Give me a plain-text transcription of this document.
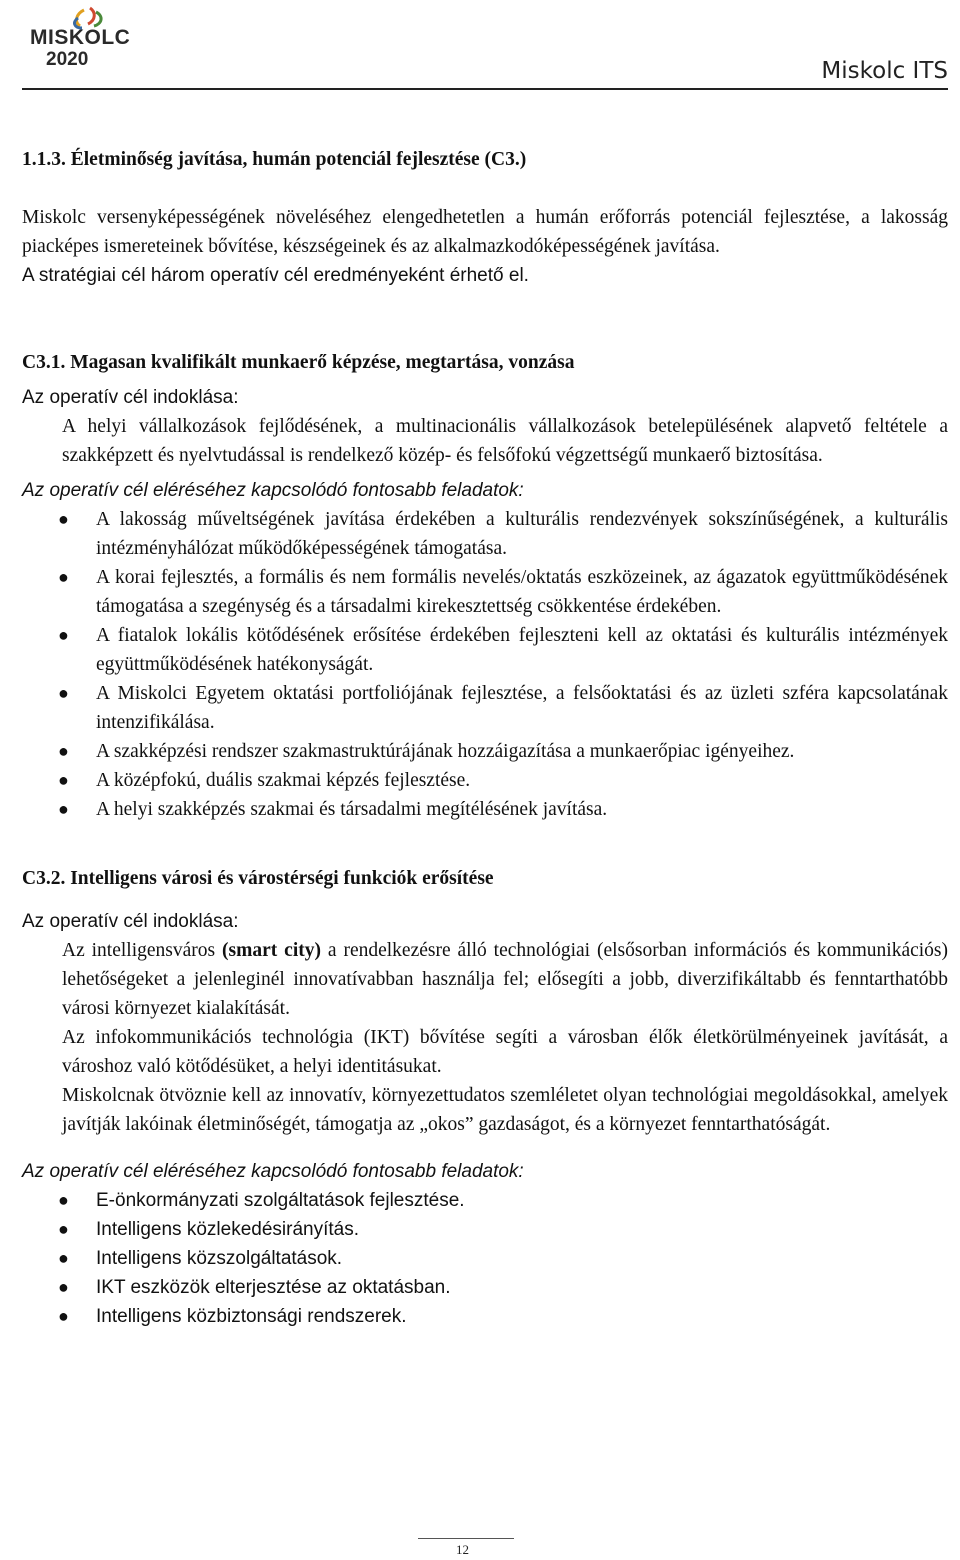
MISKOLC
2020	Miskolc ITS

1.1.3. Életminőség javítása, humán potenciál fejlesztése (C3.)

Miskolc versenyképességének növeléséhez elengedhetetlen a humán erőforrás potenciál fejlesztése, a lakosság piacképes ismereteinek bővítése, készségeinek és az alkalmazkodóképességének javítása.

A stratégiai cél három operatív cél eredményeként érhető el.

C3.1. Magasan kvalifikált munkaerő képzése, megtartása, vonzása

Az operatív cél indoklása:

A helyi vállalkozások fejlődésének, a multinacionális vállalkozások betelepülésének alapvető feltétele a szakképzett és nyelvtudással is rendelkező közép- és felsőfokú végzettségű munkaerő biztosítása.

Az operatív cél eléréséhez kapcsolódó fontosabb feladatok:

● A lakosság műveltségének javítása érdekében a kulturális rendezvények sokszínűségének, a kulturális intézményhálózat működőképességének támogatása.
● A korai fejlesztés, a formális és nem formális nevelés/oktatás eszközeinek, az ágazatok együttműködésének támogatása a szegénység és a társadalmi kirekesztettség csökkentése érdekében.
● A fiatalok lokális kötődésének erősítése érdekében fejleszteni kell az oktatási és kulturális intézmények együttműködésének hatékonyságát.
● A Miskolci Egyetem oktatási portfoliójának fejlesztése, a felsőoktatási és az üzleti szféra kapcsolatának intenzifikálása.
● A szakképzési rendszer szakmastruktúrájának hozzáigazítása a munkaerőpiac igényeihez.
● A középfokú, duális szakmai képzés fejlesztése.
● A helyi szakképzés szakmai és társadalmi megítélésének javítása.

C3.2. Intelligens városi és várostérségi funkciók erősítése

Az operatív cél indoklása:

Az intelligensváros (smart city) a rendelkezésre álló technológiai (elsősorban információs és kommunikációs) lehetőségeket a jelenleginél innovatívabban használja fel; elősegíti a jobb, diverzifikáltabb és fenntarthatóbb városi környezet kialakítását.

Az infokommunikációs technológia (IKT) bővítése segíti a városban élők életkörülményeinek javítását, a városhoz való kötődésüket, a helyi identitásukat.

Miskolcnak ötvöznie kell az innovatív, környezettudatos szemléletet olyan technológiai megoldásokkal, amelyek javítják lakóinak életminőségét, támogatja az „okos” gazdaságot, és a környezet fenntarthatóságát.

Az operatív cél eléréséhez kapcsolódó fontosabb feladatok:

● E-önkormányzati szolgáltatások fejlesztése.
● Intelligens közlekedésirányítás.
● Intelligens közszolgáltatások.
● IKT eszközök elterjesztése az oktatásban.
● Intelligens közbiztonsági rendszerek.
12
